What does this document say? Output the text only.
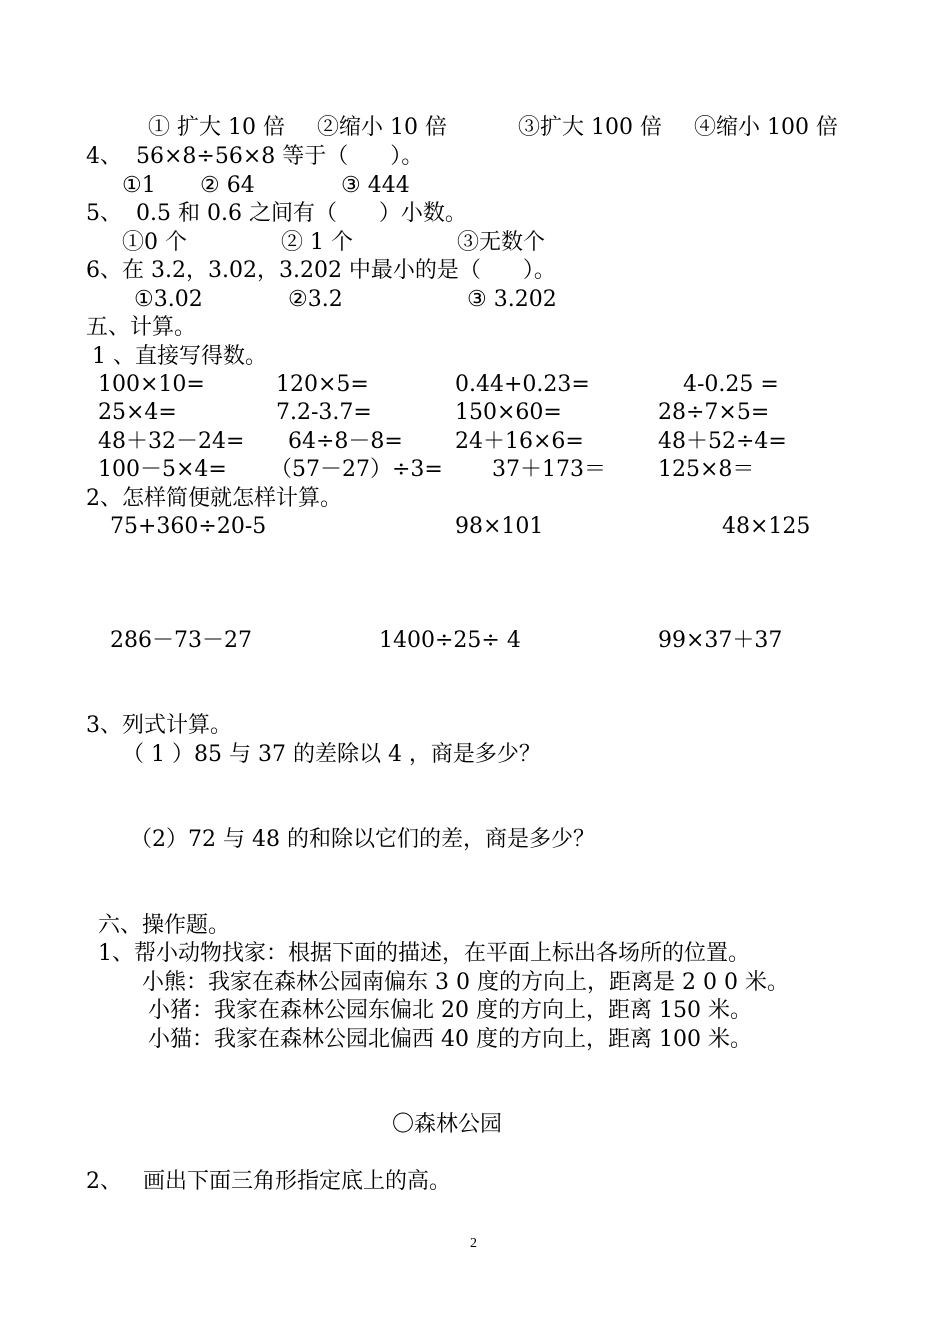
① 扩大 10 倍 ②缩小 10 倍	③扩大 100 倍 ④缩小 100 倍
4、  56×8÷56×8 等于（      ）。
①1 ② 64	③ 444
5、  0.5 和 0.6 之间有（      ）小数。
①0 个	② 1 个	③无数个
6、在 3.2，3.02，3.202 中最小的是（      ）。
①3.02	②3.2	③ 3.202
五、计算。
1 、直接写得数。
100×10=	120×5=	0.44+0.23=	4-0.25 =
25×4=	7.2-3.7=	150×60=	28÷7×5=
48＋32－24= 64÷8－8= 24＋16×6=	48＋52÷4=
100－5×4= （57－27）÷3= 37＋173＝ 125×8＝
2、怎样简便就怎样计算。
75+360÷20-5	98×101	48×125
286－73－27	1400÷25÷ 4	99×37＋37
3、列式计算。
（ 1 ）85 与 37 的差除以 4 ，商是多少？
（2）72 与 48 的和除以它们的差，商是多少？
六、操作题。
1、帮小动物找家：根据下面的描述，在平面上标出各场所的位置。
小熊：我家在森林公园南偏东 3 0 度的方向上，距离是 2 0 0 米。
小猪：我家在森林公园东偏北 20 度的方向上，距离 150 米。
小猫：我家在森林公园北偏西 40 度的方向上，距离 100 米。
〇森林公园
2、   画出下面三角形指定底上的高。
2
